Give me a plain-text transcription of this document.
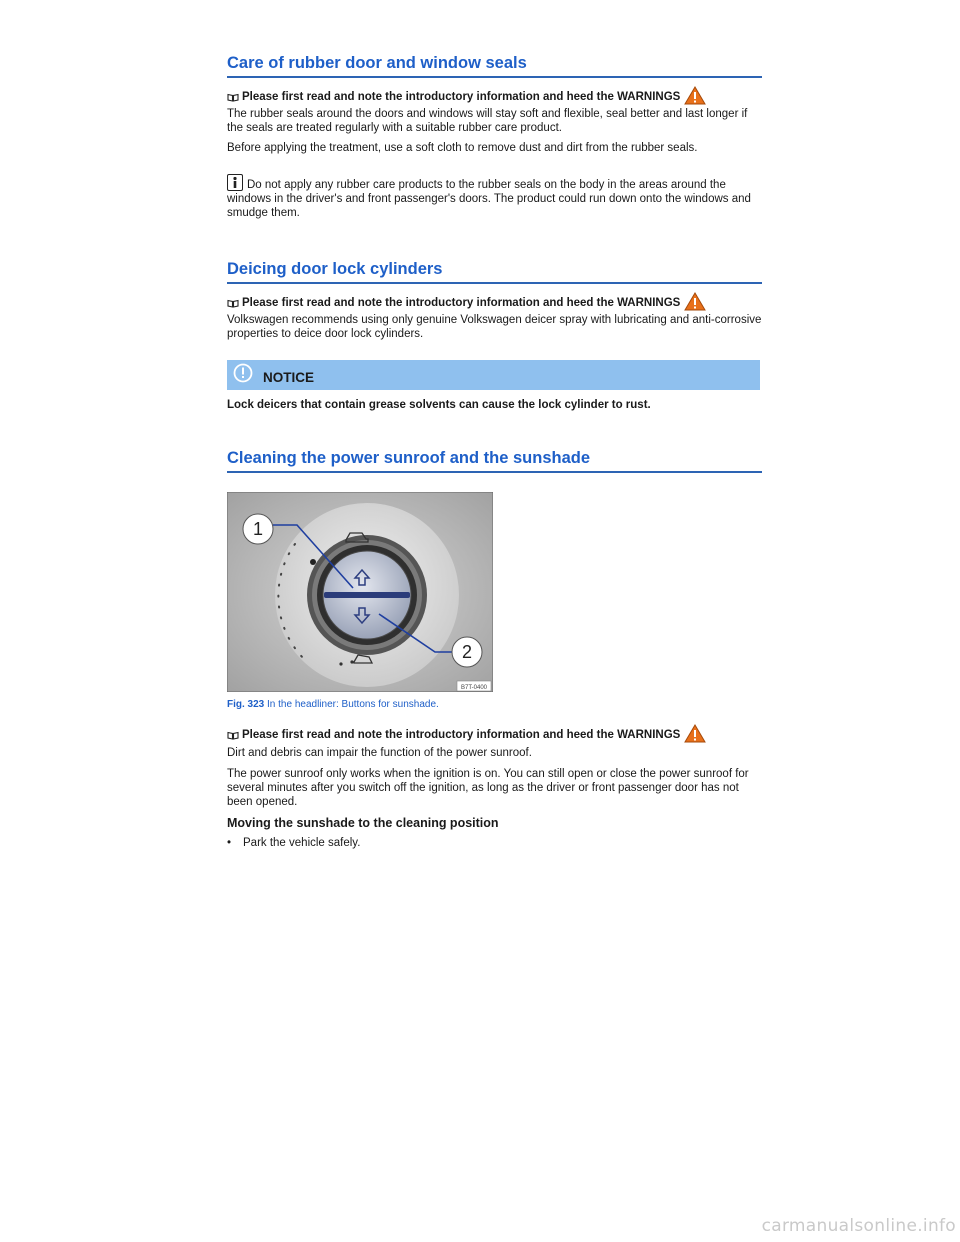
Care of rubber door and window seals
Please first read and note the introductory information and heed the WARNINGS

The rubber seals around the doors and windows will stay soft and flexible, seal better and last longer if the seals are treated regularly with a suitable rubber care product.

Before applying the treatment, use a soft cloth to remove dust and dirt from the rubber seals.

Do not apply any rubber care products to the rubber seals on the body in the areas around the windows in the driver's and front passenger's doors. The product could run down onto the windows and smudge them.
Deicing door lock cylinders
Please first read and note the introductory information and heed the WARNINGS

Volkswagen recommends using only genuine Volkswagen deicer spray with lubricating and anti-corrosive properties to deice door lock cylinders.

NOTICE

Lock deicers that contain grease solvents can cause the lock cylinder to rust.

Cleaning the power sunroof and the sunshade
1
2
B7T-0400
Fig. 323 In the headliner: Buttons for sunshade.
Please first read and note the introductory information and heed the WARNINGS

Dirt and debris can impair the function of the power sunroof.

The power sunroof only works when the ignition is on. You can still open or close the power sunroof for several minutes after you switch off the ignition, as long as the driver or front passenger door has not been opened.

Moving the sunshade to the cleaning position

•	Park the vehicle safely.
carmanualsonline.info
